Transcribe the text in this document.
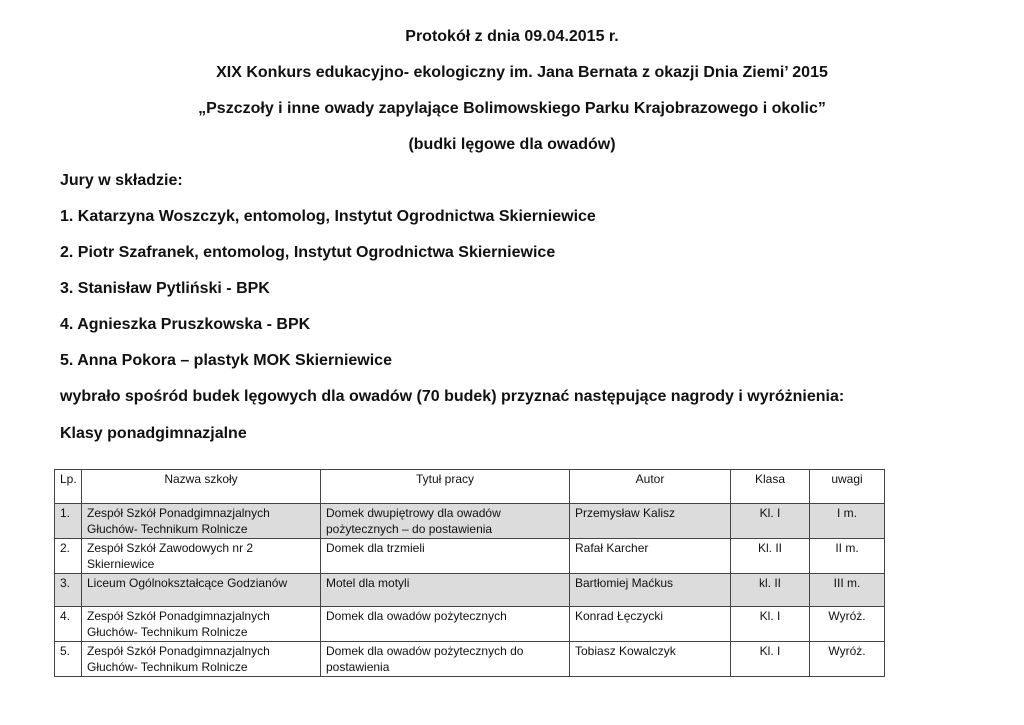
Protokół z dnia 09.04.2015 r.
XIX Konkurs edukacyjno- ekologiczny im. Jana Bernata z okazji Dnia Ziemi’ 2015
„Pszczoły i inne owady zapylające Bolimowskiego Parku Krajobrazowego i okolic”
(budki lęgowe dla owadów)
Jury w składzie:
1. Katarzyna Woszczyk, entomolog, Instytut Ogrodnictwa Skierniewice
2. Piotr Szafranek, entomolog, Instytut Ogrodnictwa Skierniewice
3. Stanisław Pytliński - BPK
4. Agnieszka Pruszkowska - BPK
5. Anna Pokora – plastyk MOK Skierniewice
wybrało spośród budek lęgowych dla owadów (70 budek) przyznać następujące nagrody i wyróżnienia:
Klasy ponadgimnazjalne
Lp.	Nazwa szkoły	Tytuł pracy	Autor	Klasa	uwagi
1.	Zespół Szkół Ponadgimnazjalnych Głuchów- Technikum Rolnicze	Domek dwupiętrowy dla owadów pożytecznych – do postawienia	Przemysław Kalisz	Kl. I	I m.
2.	Zespół Szkół Zawodowych nr 2 Skierniewice	Domek dla trzmieli	Rafał Karcher	Kl. II	II m.
3.	Liceum Ogólnokształcące Godzianów	Motel dla motyli	Bartłomiej Maćkus	kl. II	III m.
4.	Zespół Szkół Ponadgimnazjalnych Głuchów- Technikum Rolnicze	Domek dla owadów pożytecznych	Konrad Łęczycki	Kl. I	Wyróż.
5.	Zespół Szkół Ponadgimnazjalnych Głuchów- Technikum Rolnicze	Domek dla owadów pożytecznych do postawienia	Tobiasz Kowalczyk	Kl. I	Wyróż.
